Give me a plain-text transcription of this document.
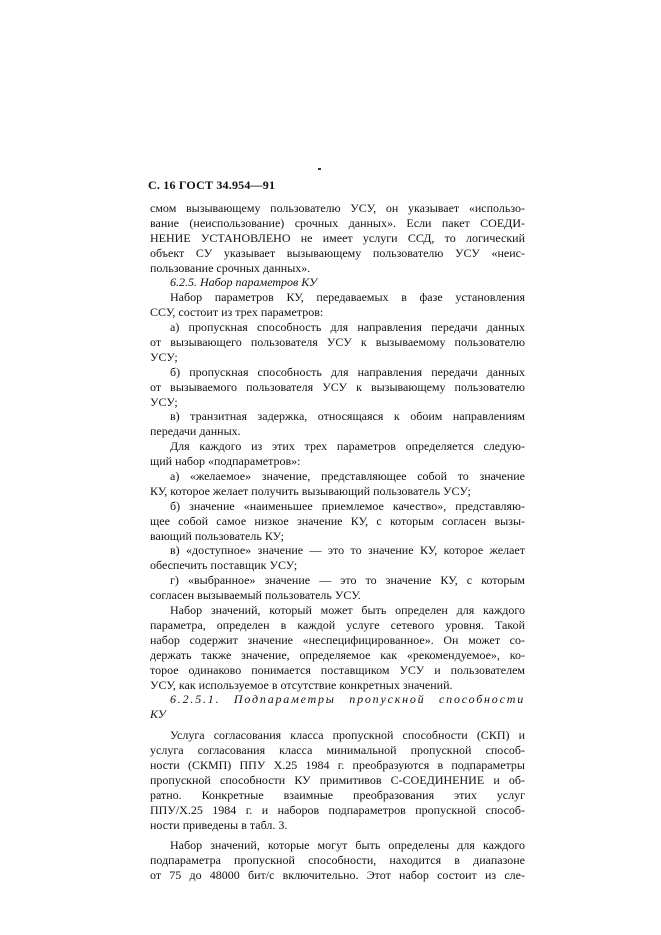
С. 16 ГОСТ 34.954—91
смом вызывающему пользователю УСУ, он указывает «использо-
вание (неиспользование) срочных данных». Если пакет СОЕДИ-
НЕНИЕ УСТАНОВЛЕНО не имеет услуги ССД, то логический
объект СУ указывает вызывающему пользователю УСУ «неис-
пользование срочных данных».
6.2.5. Набор параметров КУ
Набор параметров КУ, передаваемых в фазе установления
ССУ, состоит из трех параметров:
а) пропускная способность для направления передачи данных
от вызывающего пользователя УСУ к вызываемому пользователю
УСУ;
б) пропускная способность для направления передачи данных
от вызываемого пользователя УСУ к вызывающему пользователю
УСУ;
в) транзитная задержка, относящаяся к обоим направлениям
передачи данных.
Для каждого из этих трех параметров определяется следую-
щий набор «подпараметров»:
а) «желаемое» значение, представляющее собой то значение
КУ, которое желает получить вызывающий пользователь УСУ;
б) значение «наименьшее приемлемое качество», представляю-
щее собой самое низкое значение КУ, с которым согласен вызы-
вающий пользователь КУ;
в) «доступное» значение — это то значение КУ, которое желает
обеспечить поставщик УСУ;
г) «выбранное» значение — это то значение КУ, с которым
согласен вызываемый пользователь УСУ.
Набор значений, который может быть определен для каждого
параметра, определен в каждой услуге сетевого уровня. Такой
набор содержит значение «неспецифицированное». Он может со-
держать также значение, определяемое как «рекомендуемое», ко-
торое одинаково понимается поставщиком УСУ и пользователем
УСУ, как используемое в отсутствие конкретных значений.
6.2.5.1. Подпараметры пропускной способности
КУ
Услуга согласования класса пропускной способности (СКП) и
услуга согласования класса минимальной пропускной способ-
ности (СКМП) ППУ Х.25 1984 г. преобразуются в подпараметры
пропускной способности КУ примитивов С-СОЕДИНЕНИЕ и об-
ратно. Конкретные взаимные преобразования этих услуг
ППУ/Х.25 1984 г. и наборов подпараметров пропускной способ-
ности приведены в табл. 3.
Набор значений, которые могут быть определены для каждого
подпараметра пропускной способности, находится в диапазоне
от 75 до 48000 бит/с включительно. Этот набор состоит из сле-
